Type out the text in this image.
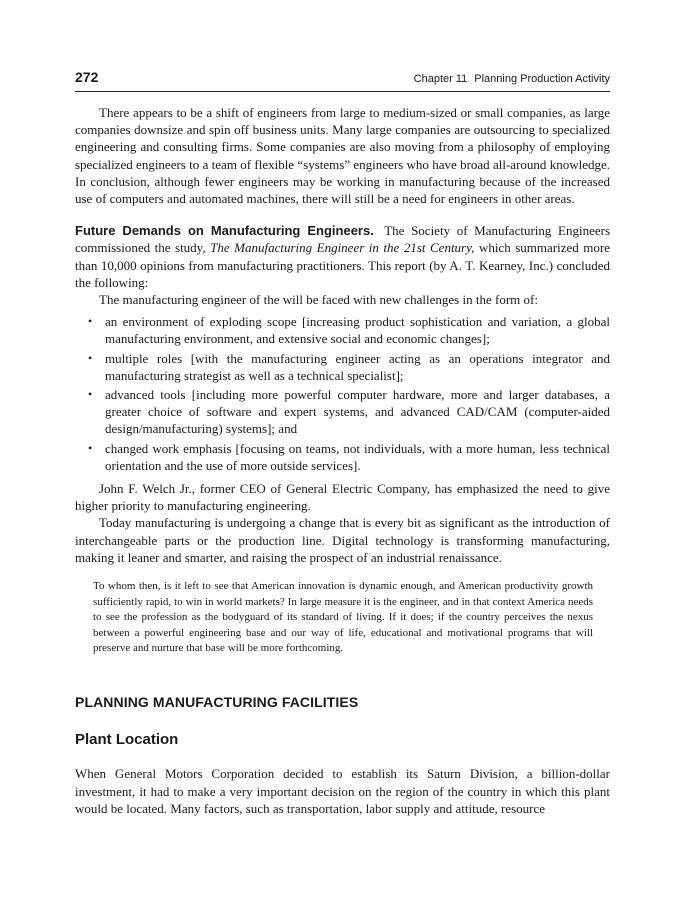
272	Chapter 11 Planning Production Activity

There appears to be a shift of engineers from large to medium-sized or small companies, as large companies downsize and spin off business units. Many large companies are outsourcing to specialized engineering and consulting firms. Some companies are also moving from a philosophy of employing specialized engineers to a team of flexible “systems” engineers who have broad all-around knowledge. In conclusion, although fewer engineers may be working in manufacturing because of the increased use of computers and automated machines, there will still be a need for engineers in other areas.

Future Demands on Manufacturing Engineers. The Society of Manufacturing Engineers commissioned the study, The Manufacturing Engineer in the 21st Century, which summarized more than 10,000 opinions from manufacturing practitioners. This report (by A. T. Kearney, Inc.) concluded the following:

The manufacturing engineer of the will be faced with new challenges in the form of:

• an environment of exploding scope [increasing product sophistication and variation, a global manufacturing environment, and extensive social and economic changes];
• multiple roles [with the manufacturing engineer acting as an operations integrator and manufacturing strategist as well as a technical specialist];
• advanced tools [including more powerful computer hardware, more and larger databases, a greater choice of software and expert systems, and advanced CAD/CAM (computer-aided design/manufacturing) systems]; and
• changed work emphasis [focusing on teams, not individuals, with a more human, less technical orientation and the use of more outside services].

John F. Welch Jr., former CEO of General Electric Company, has emphasized the need to give higher priority to manufacturing engineering.

Today manufacturing is undergoing a change that is every bit as significant as the introduction of interchangeable parts or the production line. Digital technology is transforming manufacturing, making it leaner and smarter, and raising the prospect of an industrial renaissance.

To whom then, is it left to see that American innovation is dynamic enough, and American productivity growth sufficiently rapid, to win in world markets? In large measure it is the engineer, and in that context America needs to see the profession as the bodyguard of its standard of living. If it does; if the country perceives the nexus between a powerful engineering base and our way of life, educational and motivational programs that will preserve and nurture that base will be more forthcoming.
PLANNING MANUFACTURING FACILITIES
Plant Location

When General Motors Corporation decided to establish its Saturn Division, a billion-dollar investment, it had to make a very important decision on the region of the country in which this plant would be located. Many factors, such as transportation, labor supply and attitude, resource
